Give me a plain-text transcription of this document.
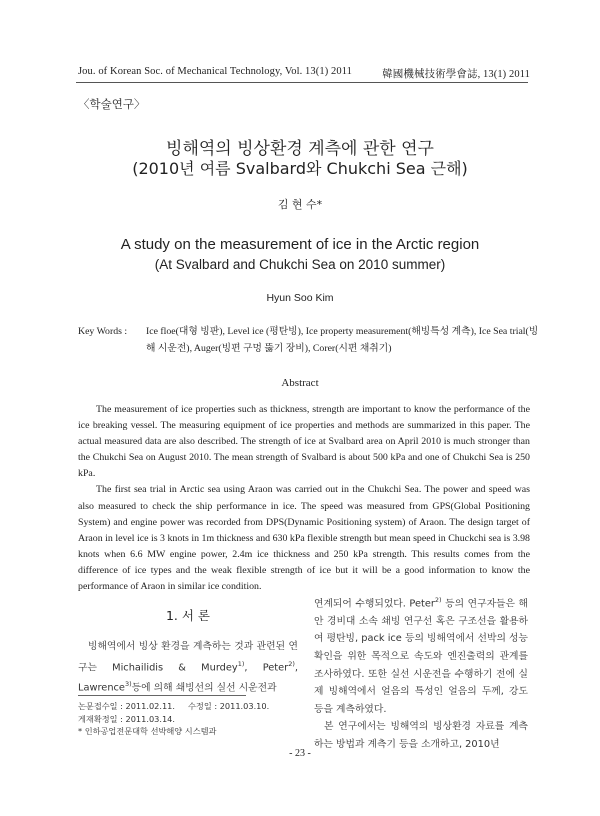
Jou. of Korean Soc. of Mechanical Technology, Vol. 13(1) 2011	韓國機械技術學會誌, 13(1) 2011
〈학술연구〉
빙해역의 빙상환경 계측에 관한 연구
(2010년 여름 Svalbard와 Chukchi Sea 근해)
김 현 수*
A study on the measurement of ice in the Arctic region
(At Svalbard and Chukchi Sea on 2010 summer)
Hyun Soo Kim
Key Words : Ice floe(대형 빙판), Level ice (평탄빙), Ice property measurement(해빙특성 계측), Ice Sea trial(빙해 시운전), Auger(빙편 구멍 뚫기 장비), Corer(시편 채취기)
Abstract

The measurement of ice properties such as thickness, strength are important to know the performance of the ice breaking vessel. The measuring equipment of ice properties and methods are summarized in this paper. The actual measured data are also described. The strength of ice at Svalbard area on April 2010 is much stronger than the Chukchi Sea on August 2010. The mean strength of Svalbard is about 500 kPa and one of Chukchi Sea is 250 kPa.

The first sea trial in Arctic sea using Araon was carried out in the Chukchi Sea. The power and speed was also measured to check the ship performance in ice. The speed was measured from GPS(Global Positioning System) and engine power was recorded from DPS(Dynamic Positioning system) of Araon. The design target of Araon in level ice is 3 knots in 1m thickness and 630 kPa flexible strength but mean speed in Chuckchi sea is 3.98 knots when 6.6 MW engine power, 2.4m ice thickness and 250 kPa strength. This results comes from the difference of ice types and the weak flexible strength of ice but it will be a good information to know the performance of Araon in similar ice condition.

1. 서 론

빙해역에서 빙상 환경을 계측하는 것과 관련된 연구는 Michailidis & Murdey$^{1)}$, Peter$^{2)}$, Lawrence$^{3)}$등에 의해 쇄빙선의 실선 시운전과

논문접수일 : 2011.02.11. 수정일 : 2011.03.10.
게재확정일 : 2011.03.14.
* 인하공업전문대학 선박해양 시스템과

연계되어 수행되었다. Peter$^{2)}$ 등의 연구자들은 해안 경비대 소속 쇄빙 연구선 혹은 구조선을 활용하여 평탄빙, pack ice 등의 빙해역에서 선박의 성능확인을 위한 목적으로 속도와 엔진출력의 관계를 조사하였다. 또한 실선 시운전을 수행하기 전에 실제 빙해역에서 얼음의 특성인 얼음의 두께, 강도 등을 계측하였다.

본 연구에서는 빙해역의 빙상환경 자료를 계측하는 방법과 계측기 등을 소개하고, 2010년

- 23 -
